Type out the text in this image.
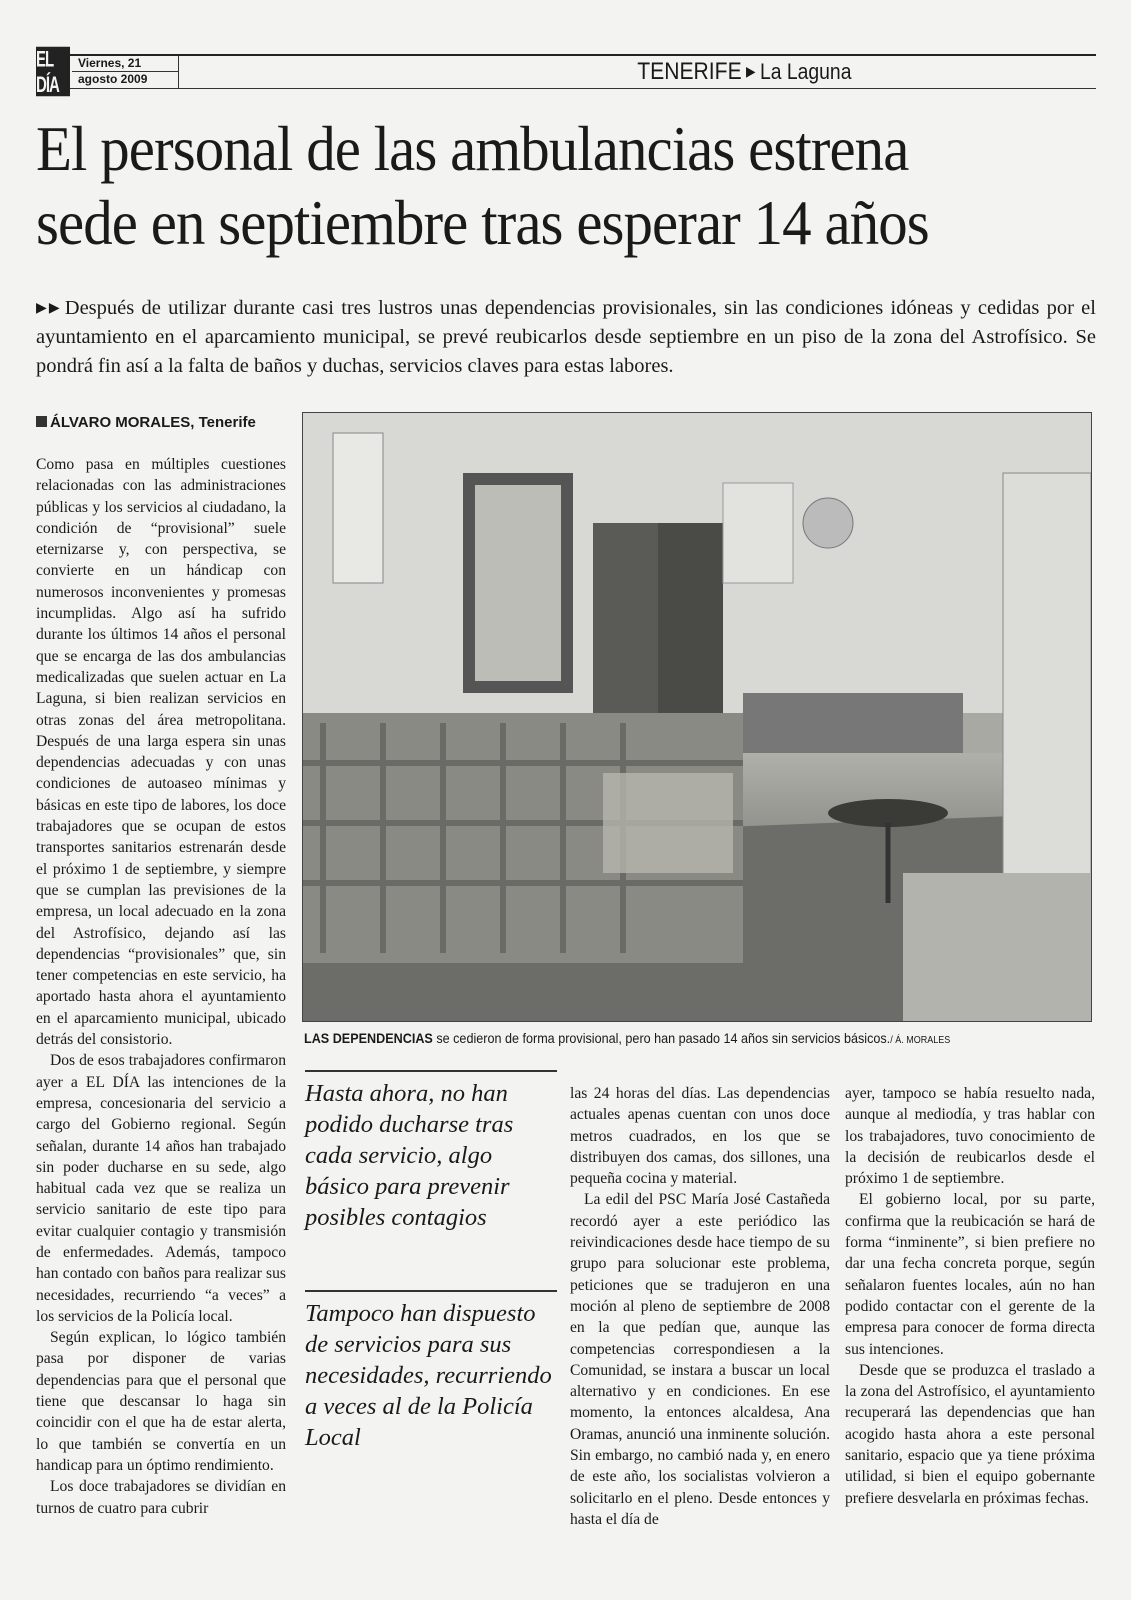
EL DÍA
Viernes, 21
agosto 2009	TENERIFE ▶ La Laguna
El personal de las ambulancias estrena
sede en septiembre tras esperar 14 años
▶▶ Después de utilizar durante casi tres lustros unas dependencias provisionales, sin las condiciones idóneas y cedidas por el ayuntamiento en el aparcamiento municipal, se prevé reubicarlos desde septiembre en un piso de la zona del Astrofísico. Se pondrá fin así a la falta de baños y duchas, servicios claves para estas labores.
ÁLVARO MORALES, Tenerife

Como pasa en múltiples cuestiones relacionadas con las administraciones públicas y los servicios al ciudadano, la condición de “provisional” suele eternizarse y, con perspectiva, se convierte en un hándicap con numerosos inconvenientes y promesas incumplidas. Algo así ha sufrido durante los últimos 14 años el personal que se encarga de las dos ambulancias medicalizadas que suelen actuar en La Laguna, si bien realizan servicios en otras zonas del área metropolitana. Después de una larga espera sin unas dependencias adecuadas y con unas condiciones de autoaseo mínimas y básicas en este tipo de labores, los doce trabajadores que se ocupan de estos transportes sanitarios estrenarán desde el próximo 1 de septiembre, y siempre que se cumplan las previsiones de la empresa, un local adecuado en la zona del Astrofísico, dejando así las dependencias “provisionales” que, sin tener competencias en este servicio, ha aportado hasta ahora el ayuntamiento en el aparcamiento municipal, ubicado detrás del consistorio.

Dos de esos trabajadores confirmaron ayer a EL DÍA las intenciones de la empresa, concesionaria del servicio a cargo del Gobierno regional. Según señalan, durante 14 años han trabajado sin poder ducharse en su sede, algo habitual cada vez que se realiza un servicio sanitario de este tipo para evitar cualquier contagio y transmisión de enfermedades. Además, tampoco han contado con baños para realizar sus necesidades, recurriendo “a veces” a los servicios de la Policía local.

Según explican, lo lógico también pasa por disponer de varias dependencias para que el personal que tiene que descansar lo haga sin coincidir con el que ha de estar alerta, lo que también se convertía en un handicap para un óptimo rendimiento.

Los doce trabajadores se dividían en turnos de cuatro para cubrir

LAS DEPENDENCIAS se cedieron de forma provisional, pero han pasado 14 años sin servicios básicos./ Á. MORALES
Hasta ahora, no han podido ducharse tras cada servicio, algo básico para prevenir posibles contagios
Tampoco han dispuesto de servicios para sus necesidades, recurriendo a veces al de la Policía Local

las 24 horas del días. Las dependencias actuales apenas cuentan con unos doce metros cuadrados, en los que se distribuyen dos camas, dos sillones, una pequeña cocina y material.

La edil del PSC María José Castañeda recordó ayer a este periódico las reivindicaciones desde hace tiempo de su grupo para solucionar este problema, peticiones que se tradujeron en una moción al pleno de septiembre de 2008 en la que pedían que, aunque las competencias correspondiesen a la Comunidad, se instara a buscar un local alternativo y en condiciones. En ese momento, la entonces alcaldesa, Ana Oramas, anunció una inminente solución. Sin embargo, no cambió nada y, en enero de este año, los socialistas volvieron a solicitarlo en el pleno. Desde entonces y hasta el día de

ayer, tampoco se había resuelto nada, aunque al mediodía, y tras hablar con los trabajadores, tuvo conocimiento de la decisión de reubicarlos desde el próximo 1 de septiembre.

El gobierno local, por su parte, confirma que la reubicación se hará de forma “inminente”, si bien prefiere no dar una fecha concreta porque, según señalaron fuentes locales, aún no han podido contactar con el gerente de la empresa para conocer de forma directa sus intenciones.

Desde que se produzca el traslado a la zona del Astrofísico, el ayuntamiento recuperará las dependencias que han acogido hasta ahora a este personal sanitario, espacio que ya tiene próxima utilidad, si bien el equipo gobernante prefiere desvelarla en próximas fechas.
